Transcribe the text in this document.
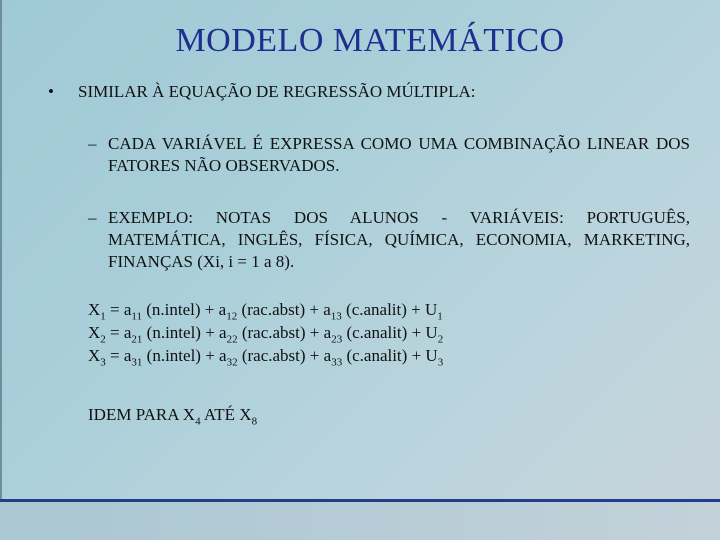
MODELO MATEMÁTICO
• SIMILAR À EQUAÇÃO DE REGRESSÃO MÚLTIPLA:
– CADA VARIÁVEL É EXPRESSA COMO UMA COMBINAÇÃO LINEAR DOS FATORES NÃO OBSERVADOS.
– EXEMPLO: NOTAS DOS ALUNOS - VARIÁVEIS: PORTUGUÊS, MATEMÁTICA, INGLÊS, FÍSICA, QUÍMICA, ECONOMIA, MARKETING, FINANÇAS (Xi, i = 1 a 8).
$X_1 = a_{11}$ (n.intel) + $a_{12}$ (rac.abst) + $a_{13}$ (c.analit) + $U_1$
$X_2 = a_{21}$ (n.intel) + $a_{22}$ (rac.abst) + $a_{23}$ (c.analit) + $U_2$
$X_3 = a_{31}$ (n.intel) + $a_{32}$ (rac.abst) + $a_{33}$ (c.analit) + $U_3$
IDEM PARA $X_4$ ATÉ $X_8$
